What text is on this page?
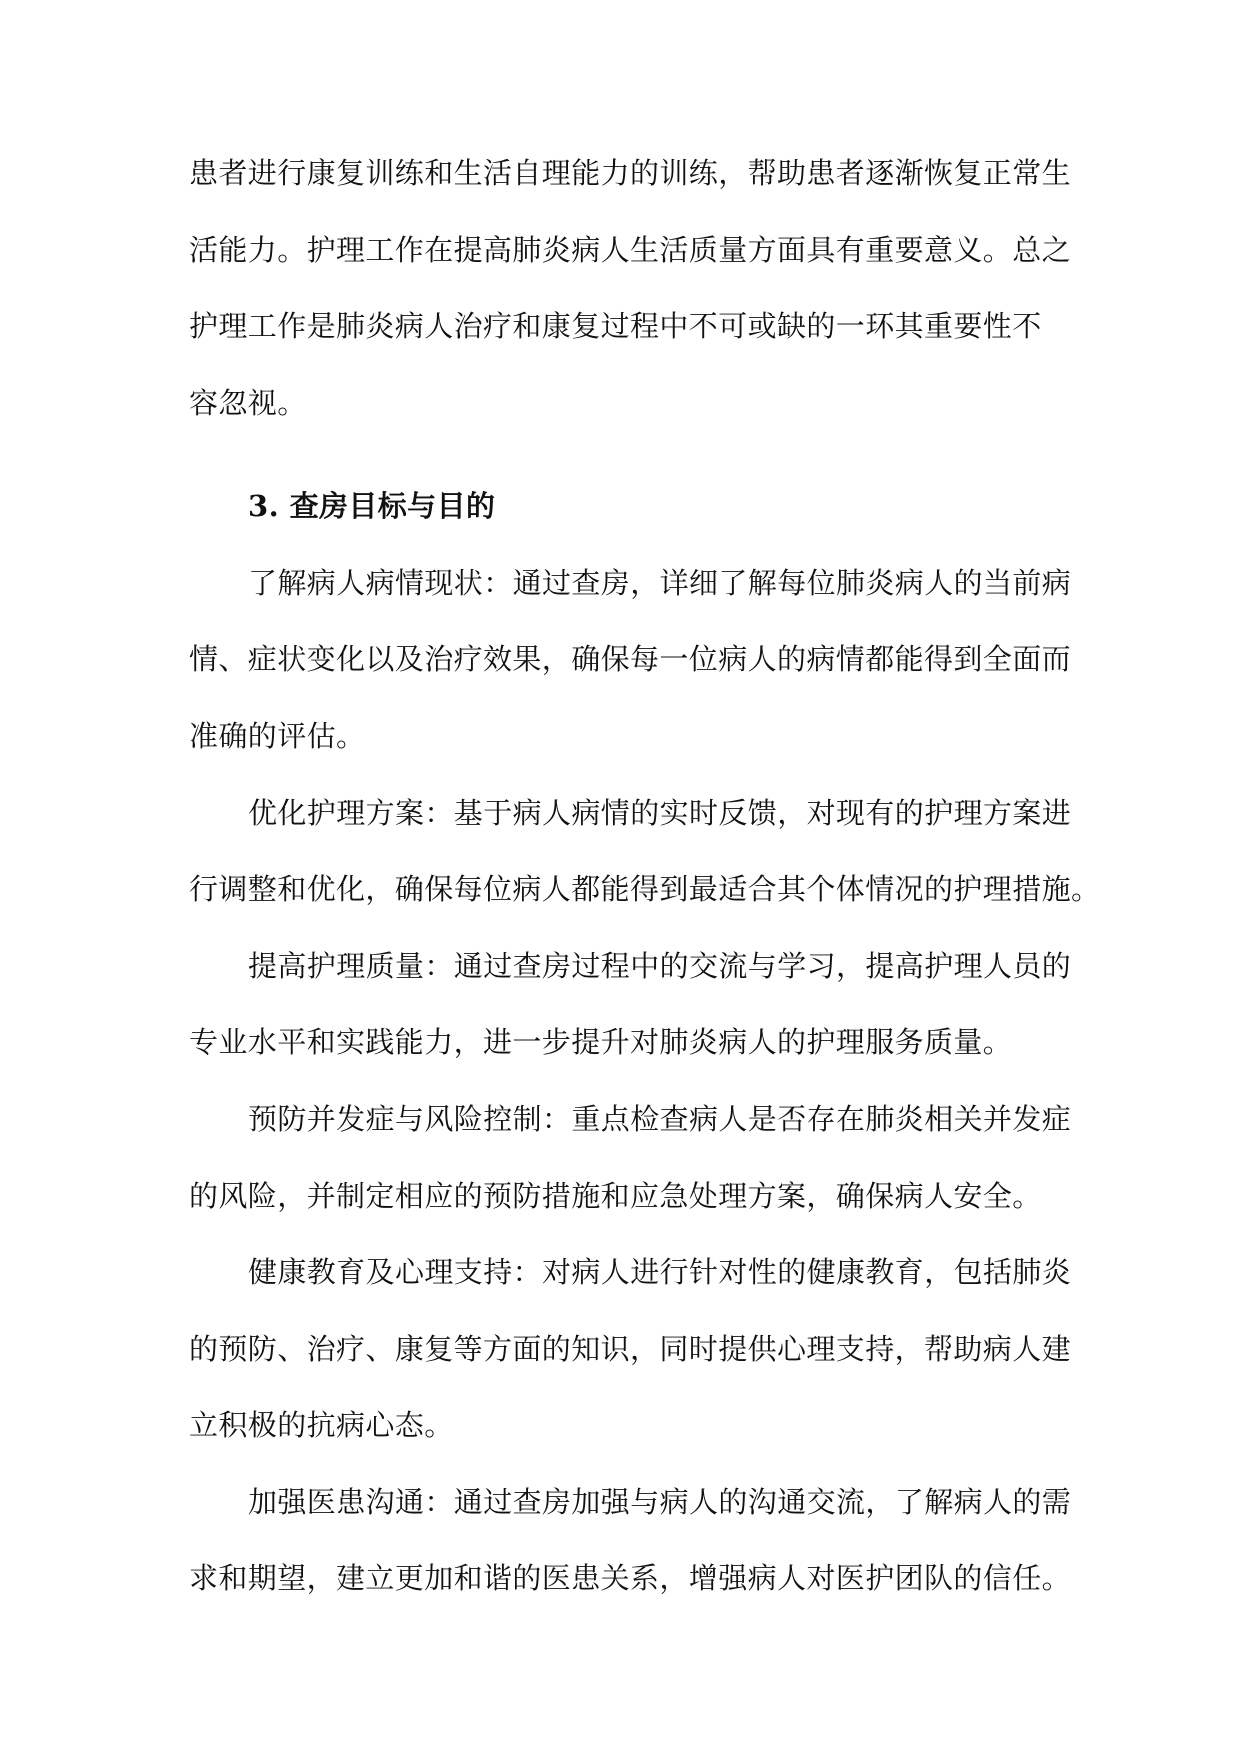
患者进行康复训练和生活自理能力的训练，帮助患者逐渐恢复正常生
活能力。护理工作在提高肺炎病人生活质量方面具有重要意义。总之
护理工作是肺炎病人治疗和康复过程中不可或缺的一环其重要性不
容忽视。
3. 查房目标与目的
了解病人病情现状：通过查房，详细了解每位肺炎病人的当前病
情、症状变化以及治疗效果，确保每一位病人的病情都能得到全面而
准确的评估。
优化护理方案：基于病人病情的实时反馈，对现有的护理方案进
行调整和优化，确保每位病人都能得到最适合其个体情况的护理措施。
提高护理质量：通过查房过程中的交流与学习，提高护理人员的
专业水平和实践能力，进一步提升对肺炎病人的护理服务质量。
预防并发症与风险控制：重点检查病人是否存在肺炎相关并发症
的风险，并制定相应的预防措施和应急处理方案，确保病人安全。
健康教育及心理支持：对病人进行针对性的健康教育，包括肺炎
的预防、治疗、康复等方面的知识，同时提供心理支持，帮助病人建
立积极的抗病心态。
加强医患沟通：通过查房加强与病人的沟通交流，了解病人的需
求和期望，建立更加和谐的医患关系，增强病人对医护团队的信任。
